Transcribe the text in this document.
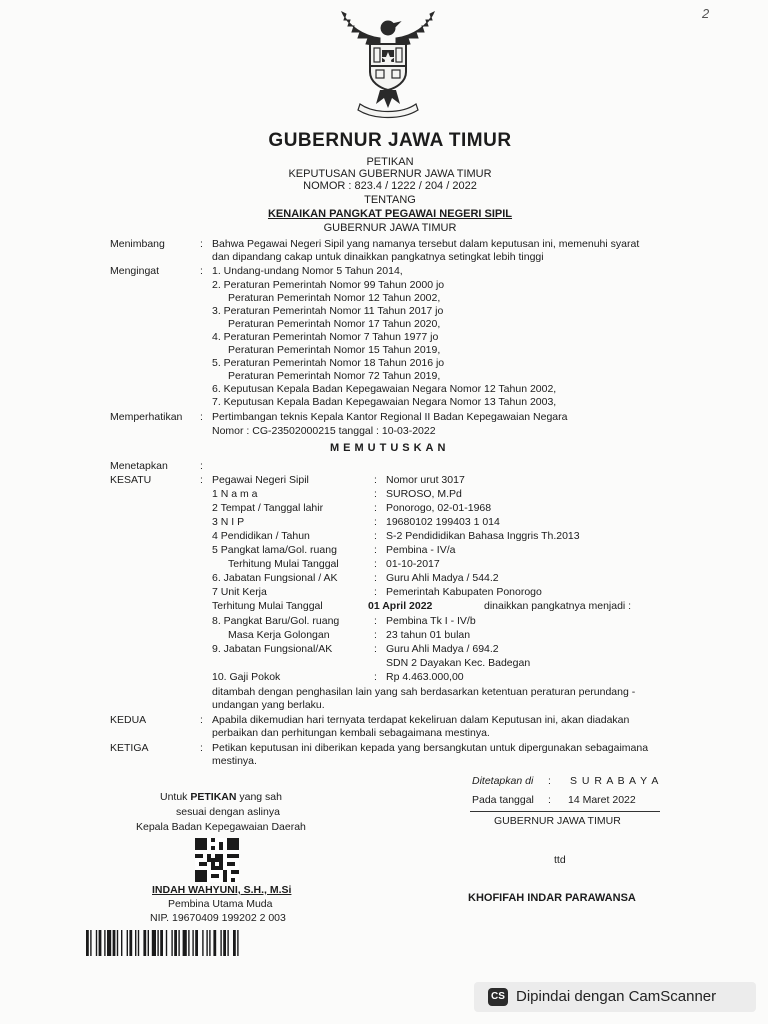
2
GUBERNUR JAWA TIMUR
PETIKAN
KEPUTUSAN GUBERNUR JAWA TIMUR
NOMOR : 823.4 / 1222 / 204 / 2022
TENTANG
KENAIKAN PANGKAT PEGAWAI NEGERI SIPIL
GUBERNUR JAWA TIMUR
Menimbang	: Bahwa Pegawai Negeri Sipil yang namanya tersebut dalam keputusan ini, memenuhi syarat
dan dipandang cakap untuk dinaikkan pangkatnya setingkat lebih tinggi
Mengingat	: 1. Undang-undang Nomor 5 Tahun 2014,
2. Peraturan Pemerintah Nomor 99 Tahun 2000 jo
Peraturan Pemerintah Nomor 12 Tahun 2002,
3. Peraturan Pemerintah Nomor 11 Tahun 2017 jo
Peraturan Pemerintah Nomor 17 Tahun 2020,
4. Peraturan Pemerintah Nomor 7 Tahun 1977 jo
Peraturan Pemerintah Nomor 15 Tahun 2019,
5. Peraturan Pemerintah Nomor 18 Tahun 2016 jo
Peraturan Pemerintah Nomor 72 Tahun 2019,
6. Keputusan Kepala Badan Kepegawaian Negara Nomor 12 Tahun 2002,
7. Keputusan Kepala Badan Kepegawaian Negara Nomor 13 Tahun 2003,
Memperhatikan : Pertimbangan teknis Kepala Kantor Regional II Badan Kepegawaian Negara
Nomor : CG-23502000215 tanggal : 10-03-2022
MEMUTUSKAN
Menetapkan	:
KESATU	: Pegawai Negeri Sipil	: Nomor urut 3017
1 N a m a	: SUROSO, M.Pd
2 Tempat / Tanggal lahir	: Ponorogo, 02-01-1968
3 N I P	: 19680102 199403 1 014
4 Pendidikan / Tahun	: S-2 Pendididikan Bahasa Inggris Th.2013
5 Pangkat lama/Gol. ruang	: Pembina - IV/a
Terhitung Mulai Tanggal	: 01-10-2017
6. Jabatan Fungsional / AK	: Guru Ahli Madya / 544.2
7 Unit Kerja	: Pemerintah Kabupaten Ponorogo
Terhitung Mulai Tanggal	01 April 2022	dinaikkan pangkatnya menjadi :
8. Pangkat Baru/Gol. ruang	: Pembina Tk I - IV/b
Masa Kerja Golongan	: 23 tahun 01 bulan
9. Jabatan Fungsional/AK	: Guru Ahli Madya / 694.2
SDN 2 Dayakan Kec. Badegan
10. Gaji Pokok	: Rp 4.463.000,00
ditambah dengan penghasilan lain yang sah berdasarkan ketentuan peraturan perundang -
undangan yang berlaku.
KEDUA	: Apabila dikemudian hari ternyata terdapat kekeliruan dalam Keputusan ini, akan diadakan
perbaikan dan perhitungan kembali sebagaimana mestinya.
KETIGA	: Petikan keputusan ini diberikan kepada yang bersangkutan untuk dipergunakan sebagaimana
mestinya.
Ditetapkan di : S U R A B A Y A
Pada tanggal : 14 Maret 2022
GUBERNUR JAWA TIMUR
ttd
KHOFIFAH INDAR PARAWANSA
Untuk PETIKAN yang sah
sesuai dengan aslinya
Kepala Badan Kepegawaian Daerah
INDAH WAHYUNI, S.H., M.Si
Pembina Utama Muda
NIP. 19670409 199202 2 003
CS Dipindai dengan CamScanner
